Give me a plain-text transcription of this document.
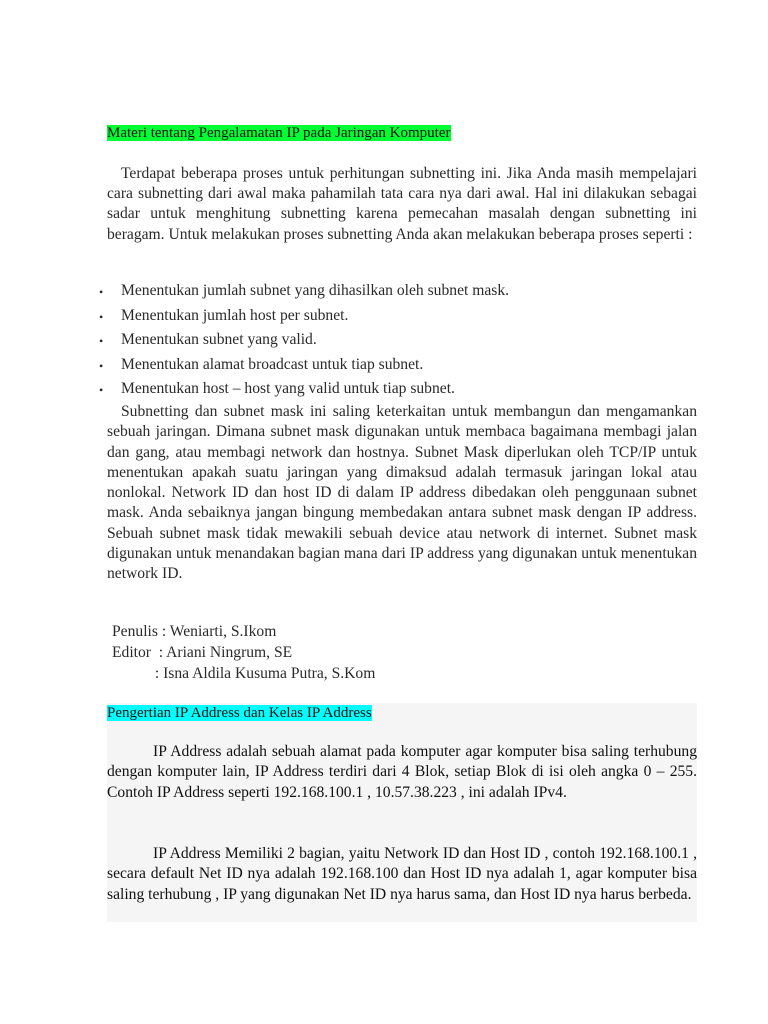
Materi tentang Pengalamatan IP pada Jaringan Komputer

Terdapat beberapa proses untuk perhitungan subnetting ini. Jika Anda masih mempelajari cara subnetting dari awal maka pahamilah tata cara nya dari awal. Hal ini dilakukan sebagai sadar untuk menghitung subnetting karena pemecahan masalah dengan subnetting ini beragam. Untuk melakukan proses subnetting Anda akan melakukan beberapa proses seperti :

• Menentukan jumlah subnet yang dihasilkan oleh subnet mask.
• Menentukan jumlah host per subnet.
• Menentukan subnet yang valid.
• Menentukan alamat broadcast untuk tiap subnet.
• Menentukan host – host yang valid untuk tiap subnet.

Subnetting dan subnet mask ini saling keterkaitan untuk membangun dan mengamankan sebuah jaringan. Dimana subnet mask digunakan untuk membaca bagaimana membagi jalan dan gang, atau membagi network dan hostnya. Subnet Mask diperlukan oleh TCP/IP untuk menentukan apakah suatu jaringan yang dimaksud adalah termasuk jaringan lokal atau nonlokal. Network ID dan host ID di dalam IP address dibedakan oleh penggunaan subnet mask. Anda sebaiknya jangan bingung membedakan antara subnet mask dengan IP address. Sebuah subnet mask tidak mewakili sebuah device atau network di internet. Subnet mask digunakan untuk menandakan bagian mana dari IP address yang digunakan untuk menentukan network ID.

Penulis : Weniarti, S.Ikom
Editor  : Ariani Ningrum, SE
: Isna Aldila Kusuma Putra, S.Kom
Pengertian IP Address dan Kelas IP Address

IP Address adalah sebuah alamat pada komputer agar komputer bisa saling terhubung dengan komputer lain, IP Address terdiri dari 4 Blok, setiap Blok di isi oleh angka 0 – 255. Contoh IP Address seperti 192.168.100.1 , 10.57.38.223 , ini adalah IPv4.

IP Address Memiliki 2 bagian, yaitu Network ID dan Host ID , contoh 192.168.100.1 , secara default Net ID nya adalah 192.168.100 dan Host ID nya adalah 1, agar komputer bisa saling terhubung , IP yang digunakan Net ID nya harus sama, dan Host ID nya harus berbeda.
